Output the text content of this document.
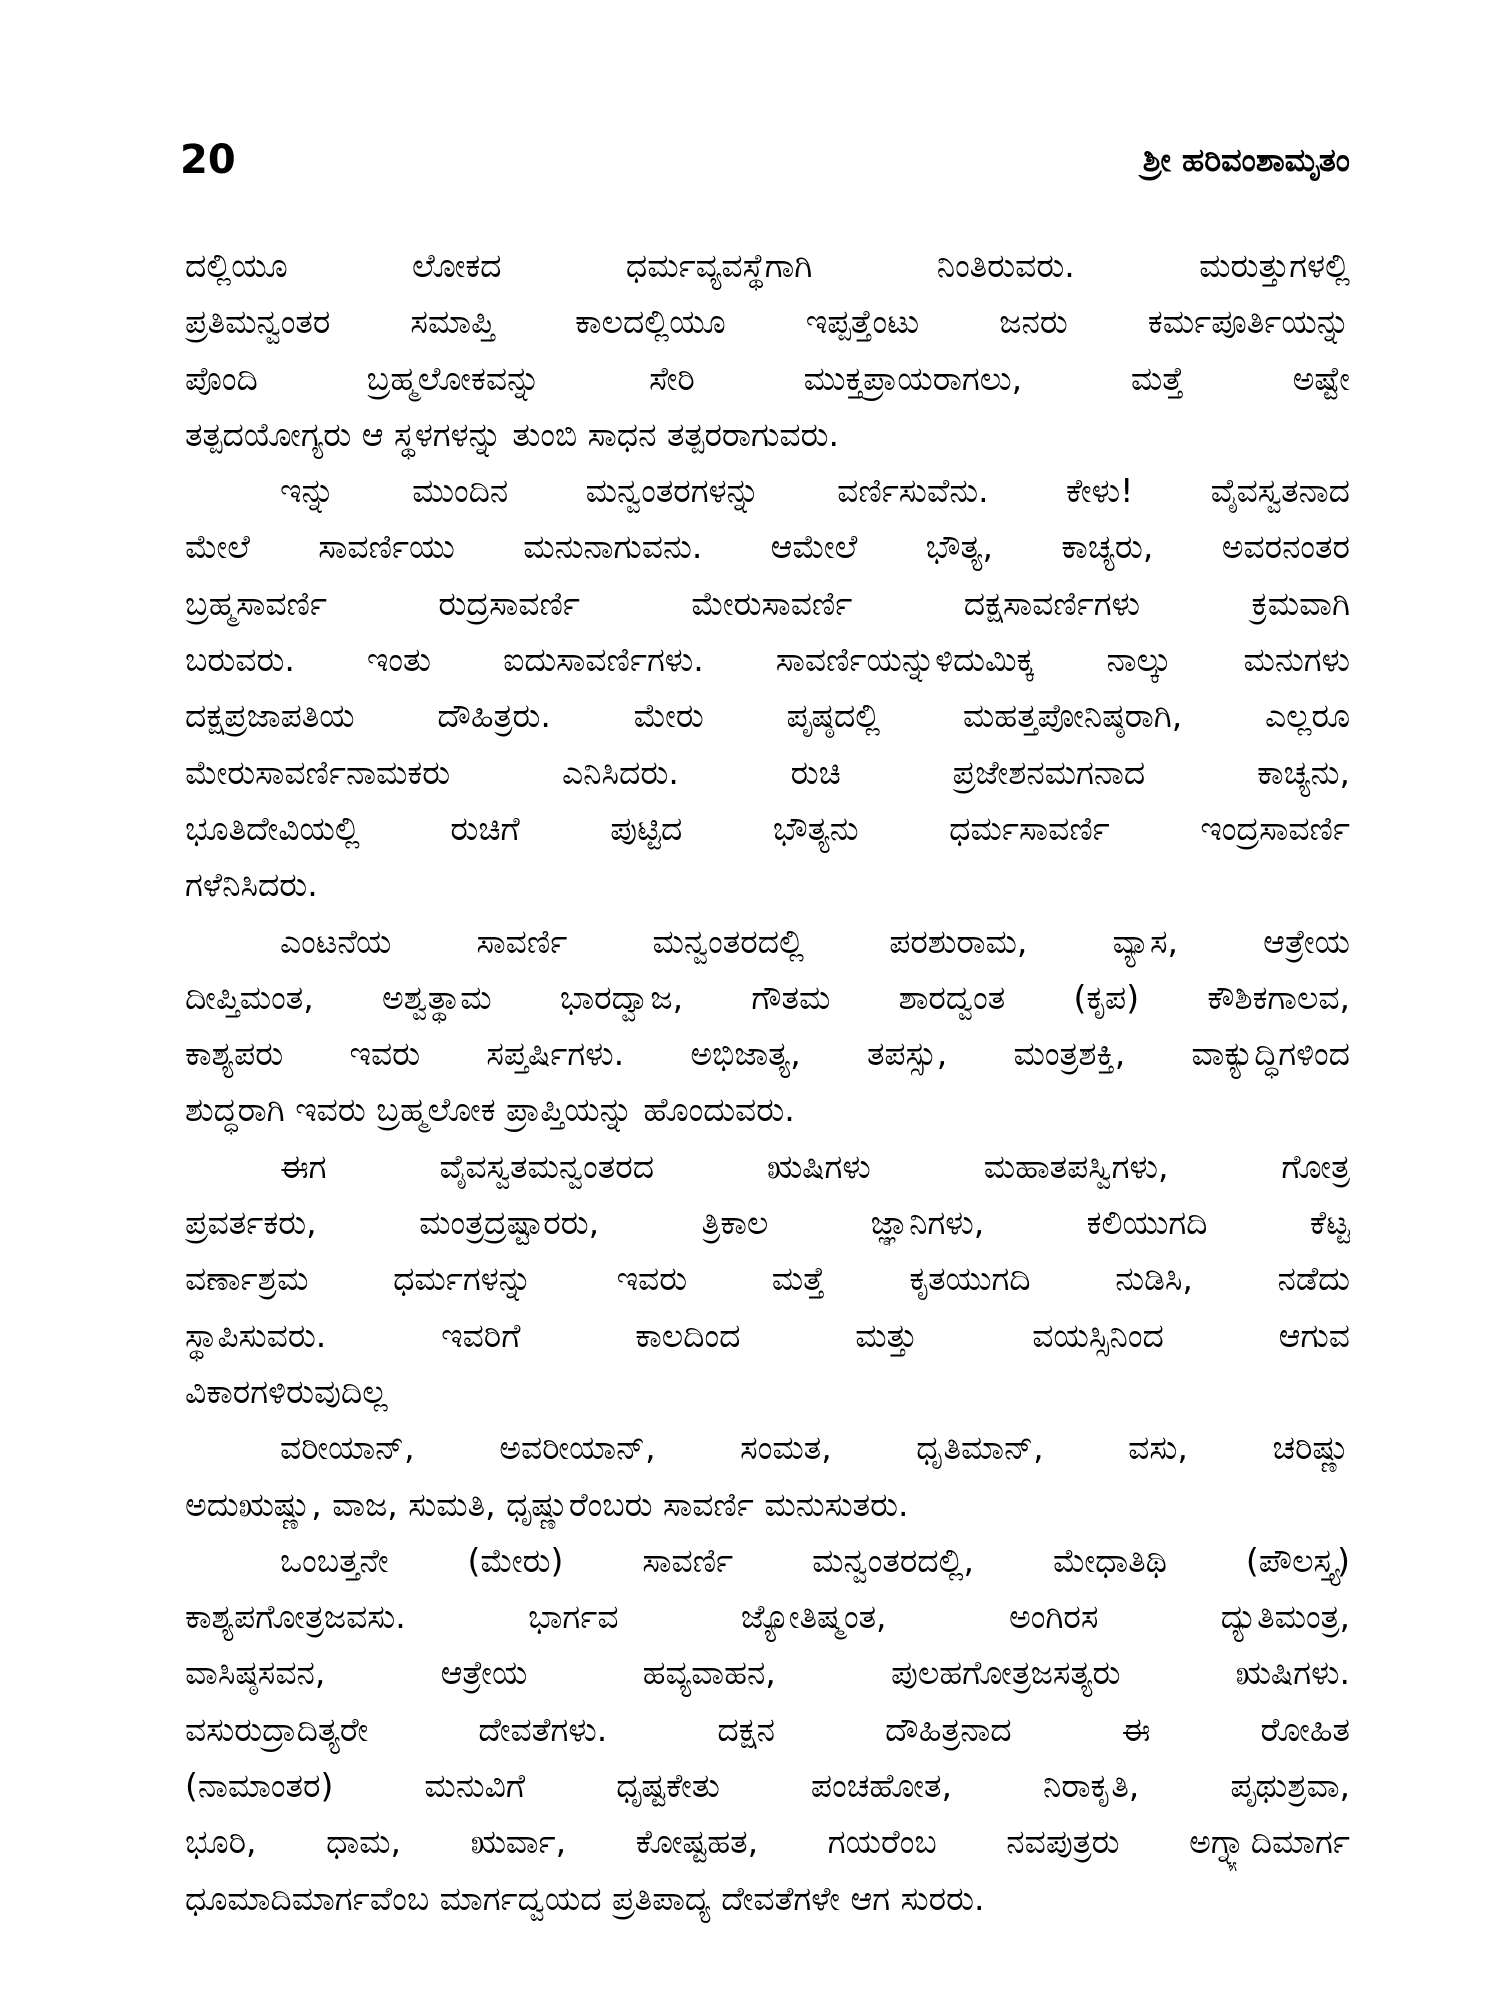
20	ಶ್ರೀ ಹರಿವಂಶಾಮೃತಂ
ದಲ್ಲಿಯೂ ಲೋಕದ ಧರ್ಮವ್ಯವಸ್ಥೆಗಾಗಿ ನಿಂತಿರುವರು. ಮರುತ್ತುಗಳಲ್ಲಿ
ಪ್ರತಿಮನ್ವಂತರ ಸಮಾಪ್ತಿ ಕಾಲದಲ್ಲಿಯೂ ಇಪ್ಪತ್ತೆಂಟು ಜನರು ಕರ್ಮಪೂರ್ತಿಯನ್ನು
ಪೊಂದಿ ಬ್ರಹ್ಮಲೋಕವನ್ನು ಸೇರಿ ಮುಕ್ತಪ್ರಾಯರಾಗಲು, ಮತ್ತೆ ಅಷ್ಟೇ
ತತ್ಪದಯೋಗ್ಯರು ಆ ಸ್ಥಳಗಳನ್ನು ತುಂಬಿ ಸಾಧನ ತತ್ಪರರಾಗುವರು.
ಇನ್ನು ಮುಂದಿನ ಮನ್ವಂತರಗಳನ್ನು ವರ್ಣಿಸುವೆನು. ಕೇಳು! ವೈವಸ್ವತನಾದ
ಮೇಲೆ ಸಾವರ್ಣಿಯು ಮನುನಾಗುವನು. ಆಮೇಲೆ ಭೌತ್ಯ, ಕಾಚ್ಯರು, ಅವರನಂತರ
ಬ್ರಹ್ಮಸಾವರ್ಣಿ ರುದ್ರಸಾವರ್ಣಿ ಮೇರುಸಾವರ್ಣಿ ದಕ್ಷಸಾವರ್ಣಿಗಳು ಕ್ರಮವಾಗಿ
ಬರುವರು. ಇಂತು ಐದುಸಾವರ್ಣಿಗಳು. ಸಾವರ್ಣಿಯನ್ನುಳಿದುಮಿಕ್ಕ ನಾಲ್ಕು ಮನುಗಳು
ದಕ್ಷಪ್ರಜಾಪತಿಯ ದೌಹಿತ್ರರು. ಮೇರು ಪೃಷ್ಠದಲ್ಲಿ ಮಹತ್ತಪೋನಿಷ್ಠರಾಗಿ, ಎಲ್ಲರೂ
ಮೇರುಸಾವರ್ಣಿನಾಮಕರು ಎನಿಸಿದರು. ರುಚಿ ಪ್ರಜೇಶನಮಗನಾದ ಕಾಚ್ಯನು,
ಭೂತಿದೇವಿಯಲ್ಲಿ ರುಚಿಗೆ ಪುಟ್ಟಿದ ಭೌತ್ಯನು ಧರ್ಮಸಾವರ್ಣಿ ಇಂದ್ರಸಾವರ್ಣಿ
ಗಳೆನಿಸಿದರು.
ಎಂಟನೆಯ ಸಾವರ್ಣಿ ಮನ್ವಂತರದಲ್ಲಿ ಪರಶುರಾಮ, ವ್ಯಾಸ, ಆತ್ರೇಯ
ದೀಪ್ತಿಮಂತ, ಅಶ್ವತ್ಥಾಮ ಭಾರದ್ವಾಜ, ಗೌತಮ ಶಾರದ್ವಂತ (ಕೃಪ) ಕೌಶಿಕಗಾಲವ,
ಕಾಶ್ಯಪರು ಇವರು ಸಪ್ತರ್ಷಿಗಳು. ಅಭಿಜಾತ್ಯ, ತಪಸ್ಸು, ಮಂತ್ರಶಕ್ತಿ, ವಾಕ್ಯುದ್ಧಿಗಳಿಂದ
ಶುದ್ಧರಾಗಿ ಇವರು ಬ್ರಹ್ಮಲೋಕ ಪ್ರಾಪ್ತಿಯನ್ನು ಹೊಂದುವರು.
ಈಗ ವೈವಸ್ವತಮನ್ವಂತರದ ಋಷಿಗಳು ಮಹಾತಪಸ್ವಿಗಳು, ಗೋತ್ರ
ಪ್ರವರ್ತಕರು, ಮಂತ್ರದ್ರಷ್ಟಾರರು, ತ್ರಿಕಾಲ ಜ್ಞಾನಿಗಳು, ಕಲಿಯುಗದಿ ಕೆಟ್ಟ
ವರ್ಣಾಶ್ರಮ ಧರ್ಮಗಳನ್ನು ಇವರು ಮತ್ತೆ ಕೃತಯುಗದಿ ನುಡಿಸಿ, ನಡೆದು
ಸ್ಥಾಪಿಸುವರು. ಇವರಿಗೆ ಕಾಲದಿಂದ ಮತ್ತು ವಯಸ್ಸಿನಿಂದ ಆಗುವ
ವಿಕಾರಗಳಿರುವುದಿಲ್ಲ
ವರೀಯಾನ್, ಅವರೀಯಾನ್, ಸಂಮತ, ಧೃತಿಮಾನ್, ವಸು, ಚರಿಷ್ಣು
ಅದುಋಷ್ಣು, ವಾಜ, ಸುಮತಿ, ಧೃಷ್ಣುರೆಂಬರು ಸಾವರ್ಣಿ ಮನುಸುತರು.
ಒಂಬತ್ತನೇ (ಮೇರು) ಸಾವರ್ಣಿ ಮನ್ವಂತರದಲ್ಲಿ, ಮೇಧಾತಿಥಿ (ಪೌಲಸ್ತ್ಯ)
ಕಾಶ್ಯಪಗೋತ್ರಜವಸು. ಭಾರ್ಗವ ಜ್ಯೋತಿಷ್ಮಂತ, ಅಂಗಿರಸ ದ್ಯುತಿಮಂತ್ರ,
ವಾಸಿಷ್ಠಸವನ, ಆತ್ರೇಯ ಹವ್ಯವಾಹನ, ಪುಲಹಗೋತ್ರಜಸತ್ಯರು ಋಷಿಗಳು.
ವಸುರುದ್ರಾದಿತ್ಯರೇ ದೇವತೆಗಳು. ದಕ್ಷನ ದೌಹಿತ್ರನಾದ ಈ ರೋಹಿತ
(ನಾಮಾಂತರ) ಮನುವಿಗೆ ಧೃಷ್ಟಕೇತು ಪಂಚಹೋತ, ನಿರಾಕೃತಿ, ಪೃಥುಶ್ರವಾ,
ಭೂರಿ, ಧಾಮ, ಋರ್ವಾ, ಕೋಷ್ಟಹತ, ಗಯರೆಂಬ ನವಪುತ್ರರು ಅಗ್ನ್ಯಾದಿಮಾರ್ಗ
ಧೂಮಾದಿಮಾರ್ಗವೆಂಬ ಮಾರ್ಗದ್ವಯದ ಪ್ರತಿಪಾದ್ಯ ದೇವತೆಗಳೇ ಆಗ ಸುರರು.
